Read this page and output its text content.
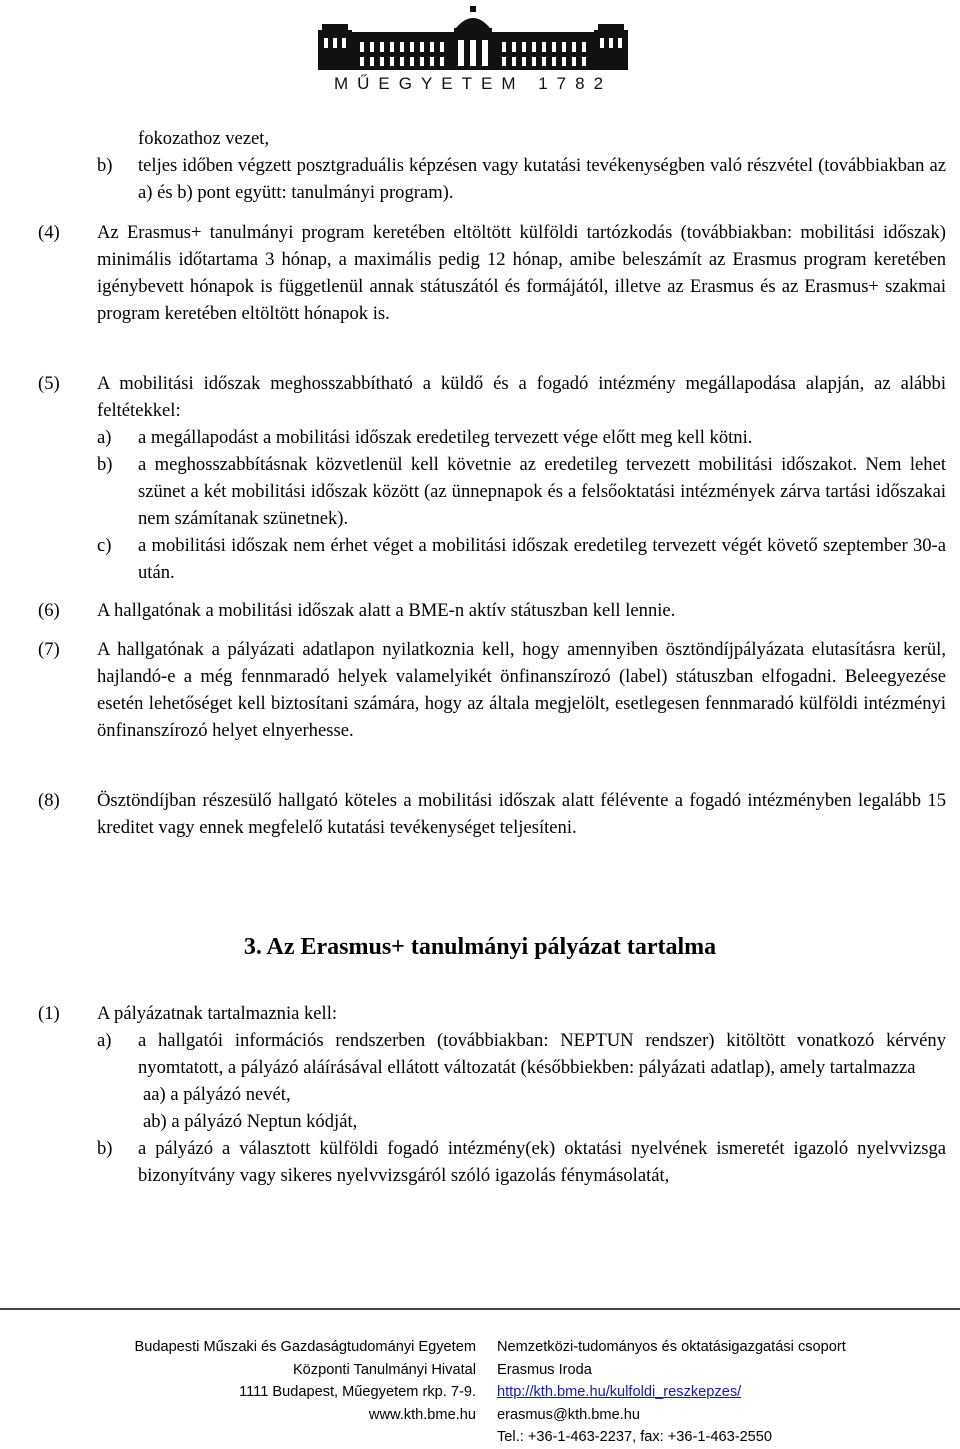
MŰEGYETEM 1782
fokozathoz vezet,
b) teljes időben végzett posztgraduális képzésen vagy kutatási tevékenységben való részvétel (továbbiakban az a) és b) pont együtt: tanulmányi program).
(4)	Az Erasmus+ tanulmányi program keretében eltöltött külföldi tartózkodás (továbbiakban: mobilitási időszak) minimális időtartama 3 hónap, a maximális pedig 12 hónap, amibe beleszámít az Erasmus program keretében igénybevett hónapok is függetlenül annak státuszától és formájától, illetve az Erasmus és az Erasmus+ szakmai program keretében eltöltött hónapok is.
(5)	A mobilitási időszak meghosszabbítható a küldő és a fogadó intézmény megállapodása alapján, az alábbi feltétekkel:
a) a megállapodást a mobilitási időszak eredetileg tervezett vége előtt meg kell kötni.
b) a meghosszabbításnak közvetlenül kell követnie az eredetileg tervezett mobilitási időszakot. Nem lehet szünet a két mobilitási időszak között (az ünnepnapok és a felsőoktatási intézmények zárva tartási időszakai nem számítanak szünetnek).
c) a mobilitási időszak nem érhet véget a mobilitási időszak eredetileg tervezett végét követő szeptember 30-a után.
(6)	A hallgatónak a mobilitási időszak alatt a BME-n aktív státuszban kell lennie.
(7)	A hallgatónak a pályázati adatlapon nyilatkoznia kell, hogy amennyiben ösztöndíjpályázata elutasításra kerül, hajlandó-e a még fennmaradó helyek valamelyikét önfinanszírozó (label) státuszban elfogadni. Beleegyezése esetén lehetőséget kell biztosítani számára, hogy az általa megjelölt, esetlegesen fennmaradó külföldi intézményi önfinanszírozó helyet elnyerhesse.
(8)	Ösztöndíjban részesülő hallgató köteles a mobilitási időszak alatt félévente a fogadó intézményben legalább 15 kreditet vagy ennek megfelelő kutatási tevékenységet teljesíteni.
(1)	A pályázatnak tartalmaznia kell:
a) a hallgatói információs rendszerben (továbbiakban: NEPTUN rendszer) kitöltött vonatkozó kérvény nyomtatott, a pályázó aláírásával ellátott változatát (későbbiekben: pályázati adatlap), amely tartalmazza
aa) a pályázó nevét,
ab) a pályázó Neptun kódját,
b) a pályázó a választott külföldi fogadó intézmény(ek) oktatási nyelvének ismeretét igazoló nyelvvizsga bizonyítvány vagy sikeres nyelvvizsgáról szóló igazolás fénymásolatát,
3. Az Erasmus+ tanulmányi pályázat tartalma
Budapesti Műszaki és Gazdaságtudományi Egyetem
Központi Tanulmányi Hivatal
1111 Budapest, Műegyetem rkp. 7-9.
www.kth.bme.hu
Nemzetközi-tudományos és oktatásigazgatási csoport
Erasmus Iroda
http://kth.bme.hu/kulfoldi_reszkepzes/
erasmus@kth.bme.hu
Tel.: +36-1-463-2237, fax: +36-1-463-2550
